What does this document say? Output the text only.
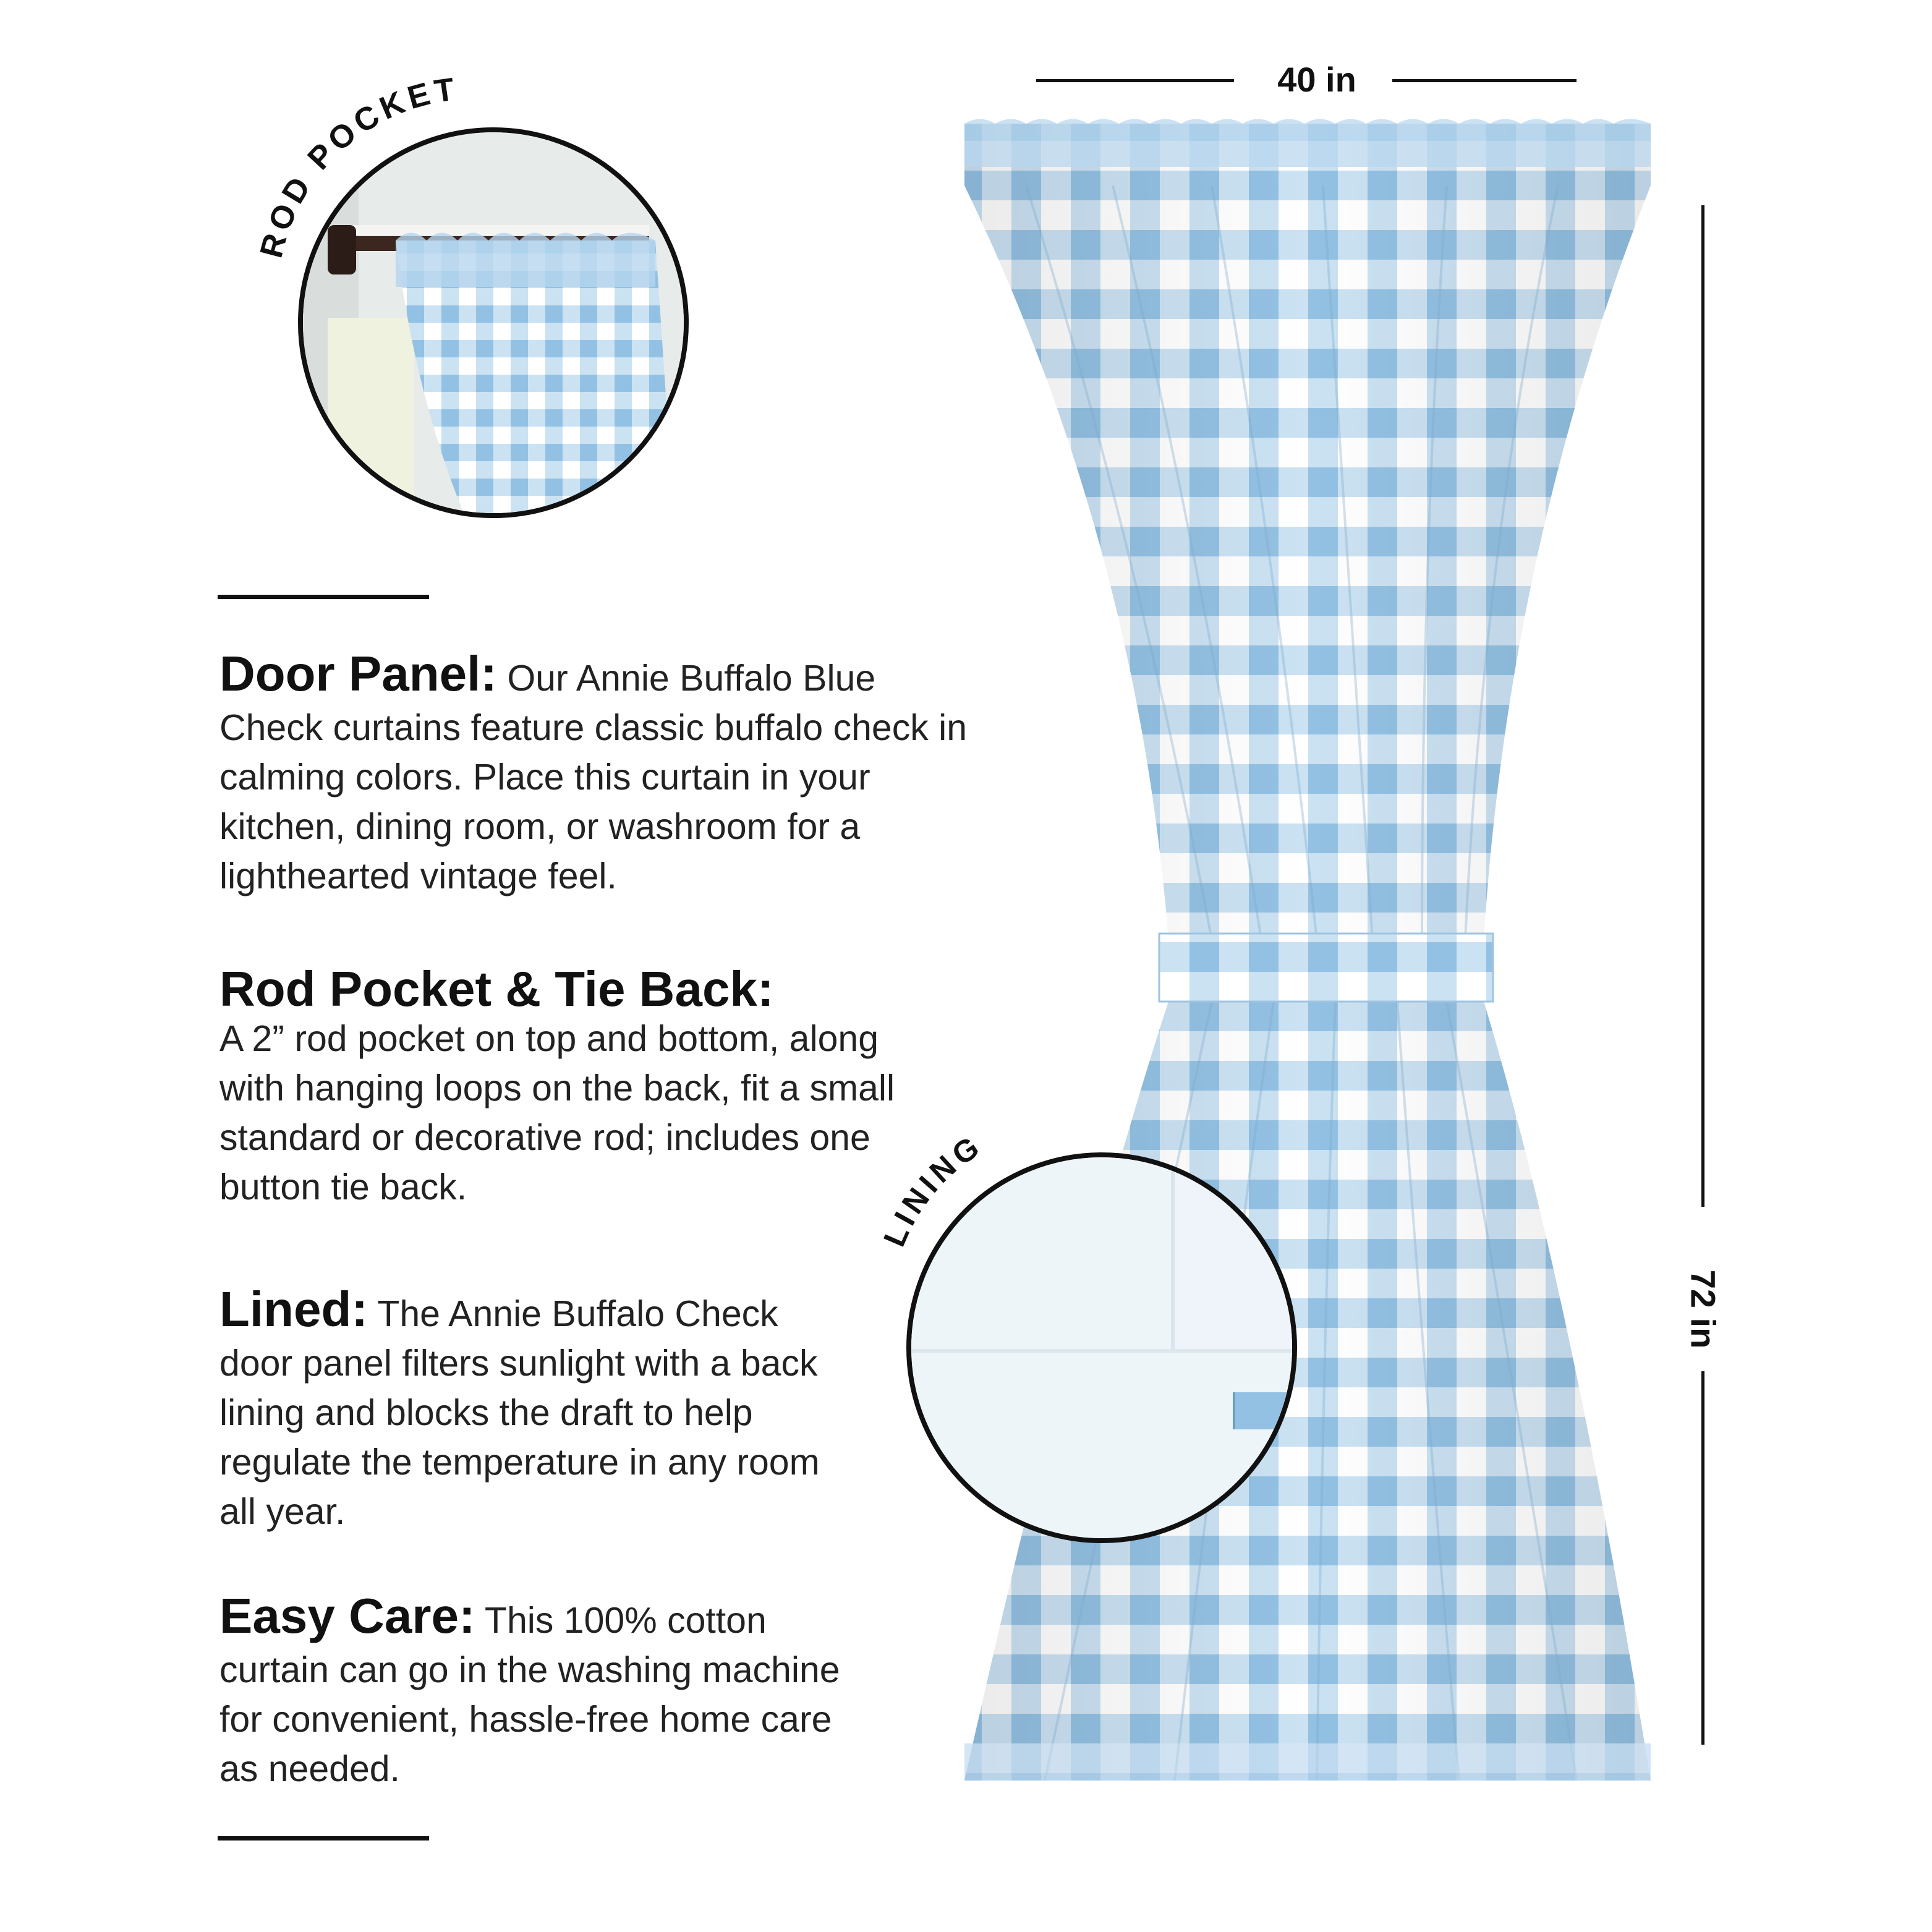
ROD POCKET
Door Panel: Our Annie Buffalo Blue Check curtains feature classic buffalo check in calming colors. Place this curtain in your kitchen, dining room, or washroom for a lighthearted vintage feel.
Rod Pocket & Tie Back:
A 2” rod pocket on top and bottom, along with hanging loops on the back, fit a small standard or decorative rod; includes one button tie back.
Lined: The Annie Buffalo Check door panel filters sunlight with a back lining and blocks the draft to help regulate the temperature in any room all year.
Easy Care: This 100% cotton curtain can go in the washing machine for convenient, hassle-free home care as needed.
40 in
72 in
LINING
